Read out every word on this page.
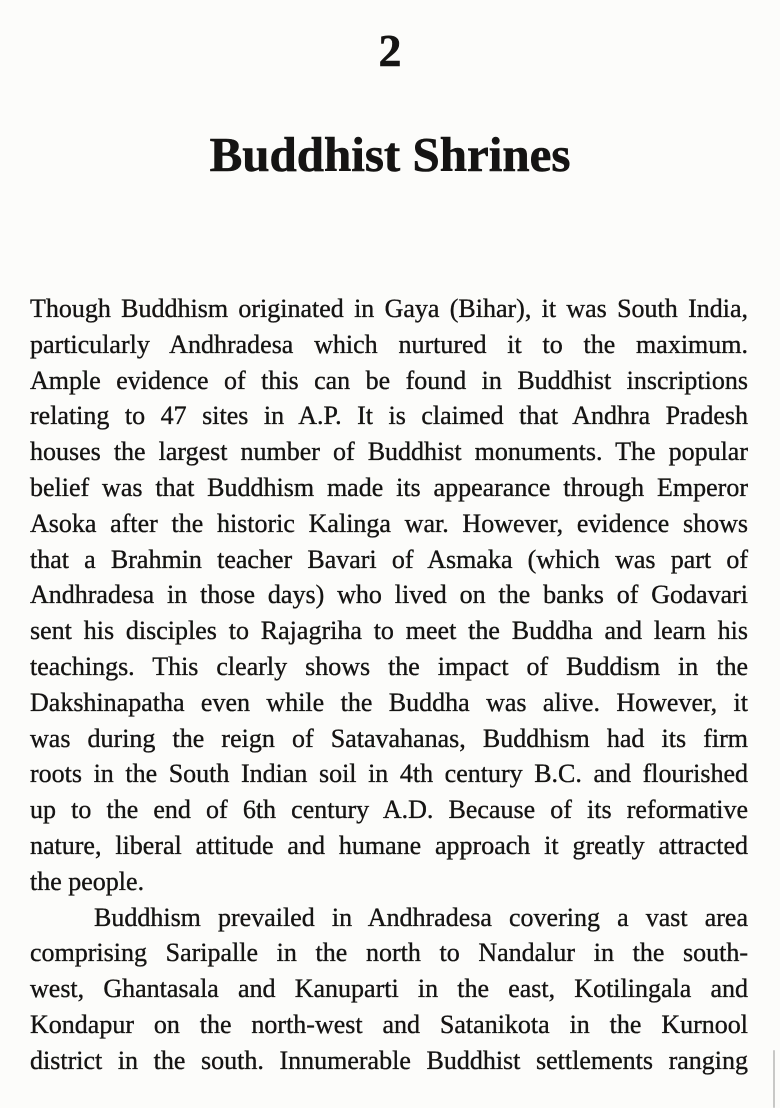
2
Buddhist Shrines
Though Buddhism originated in Gaya (Bihar), it was South India,
particularly Andhradesa which nurtured it to the maximum.
Ample evidence of this can be found in Buddhist inscriptions
relating to 47 sites in A.P. It is claimed that Andhra Pradesh
houses the largest number of Buddhist monuments. The popular
belief was that Buddhism made its appearance through Emperor
Asoka after the historic Kalinga war. However, evidence shows
that a Brahmin teacher Bavari of Asmaka (which was part of
Andhradesa in those days) who lived on the banks of Godavari
sent his disciples to Rajagriha to meet the Buddha and learn his
teachings. This clearly shows the impact of Buddism in the
Dakshinapatha even while the Buddha was alive. However, it
was during the reign of Satavahanas, Buddhism had its firm
roots in the South Indian soil in 4th century B.C. and flourished
up to the end of 6th century A.D. Because of its reformative
nature, liberal attitude and humane approach it greatly attracted
the people.
Buddhism prevailed in Andhradesa covering a vast area
comprising Saripalle in the north to Nandalur in the south-
west, Ghantasala and Kanuparti in the east, Kotilingala and
Kondapur on the north-west and Satanikota in the Kurnool
district in the south. Innumerable Buddhist settlements ranging
